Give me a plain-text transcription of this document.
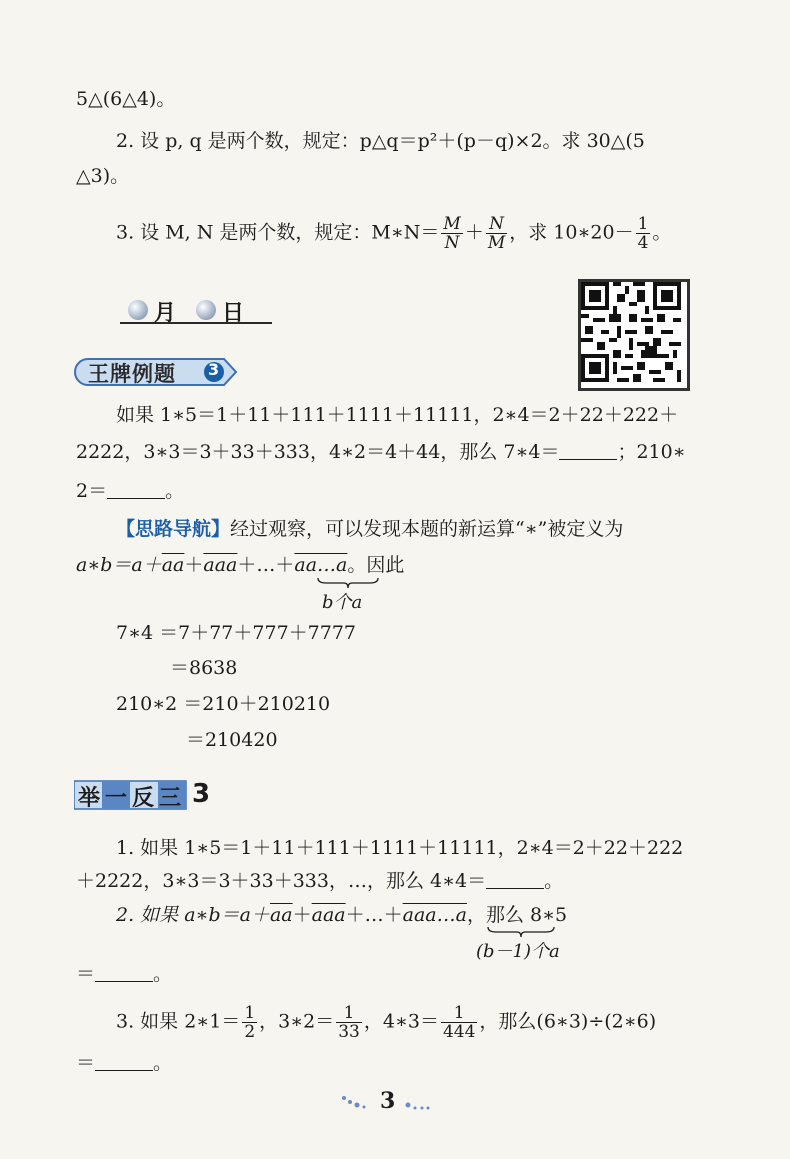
5△(6△4)。
2. 设 p, q 是两个数，规定：p△q＝p²＋(p－q)×2。求 30△(5
△3)。
3. 设 M, N 是两个数，规定：M∗N＝ $\frac{M}{N} + \frac{N}{M}$ ，求 10∗20－ $\frac{1}{4}$ 。
月 日
王牌例题 3
如果 1∗5＝1＋11＋111＋1111＋11111，2∗4＝2＋22＋222＋
2222，3∗3＝3＋33＋333，4∗2＝4＋44，那么 7∗4＝	；210∗
2＝	。
【思路导航】经过观察，可以发现本题的新运算“∗”被定义为
$a∗b=a+\overline{aa}+\overline{aaa}+\dots+aa\dots a$。因此
b个a
7∗4 ＝7＋77＋777＋7777
＝8638
210∗2 ＝210＋210210
＝210420
举一反三 3
1. 如果 1∗5＝1＋11＋111＋1111＋11111，2∗4＝2＋22＋222
＋2222，3∗3＝3＋33＋333，…，那么 4∗4＝	。
2. 如果 $a∗b=a+\overline{aa}+\overline{aaa}+\dots+aaa\dots a$，那么 8∗5
(b－1)个a
＝	。
3. 如果 2∗1＝ $\frac{1}{2}$ ，3∗2＝ $\frac{1}{33}$ ，4∗3＝ $\frac{1}{444}$ ，那么(6∗3)÷(2∗6)
＝	。
3
